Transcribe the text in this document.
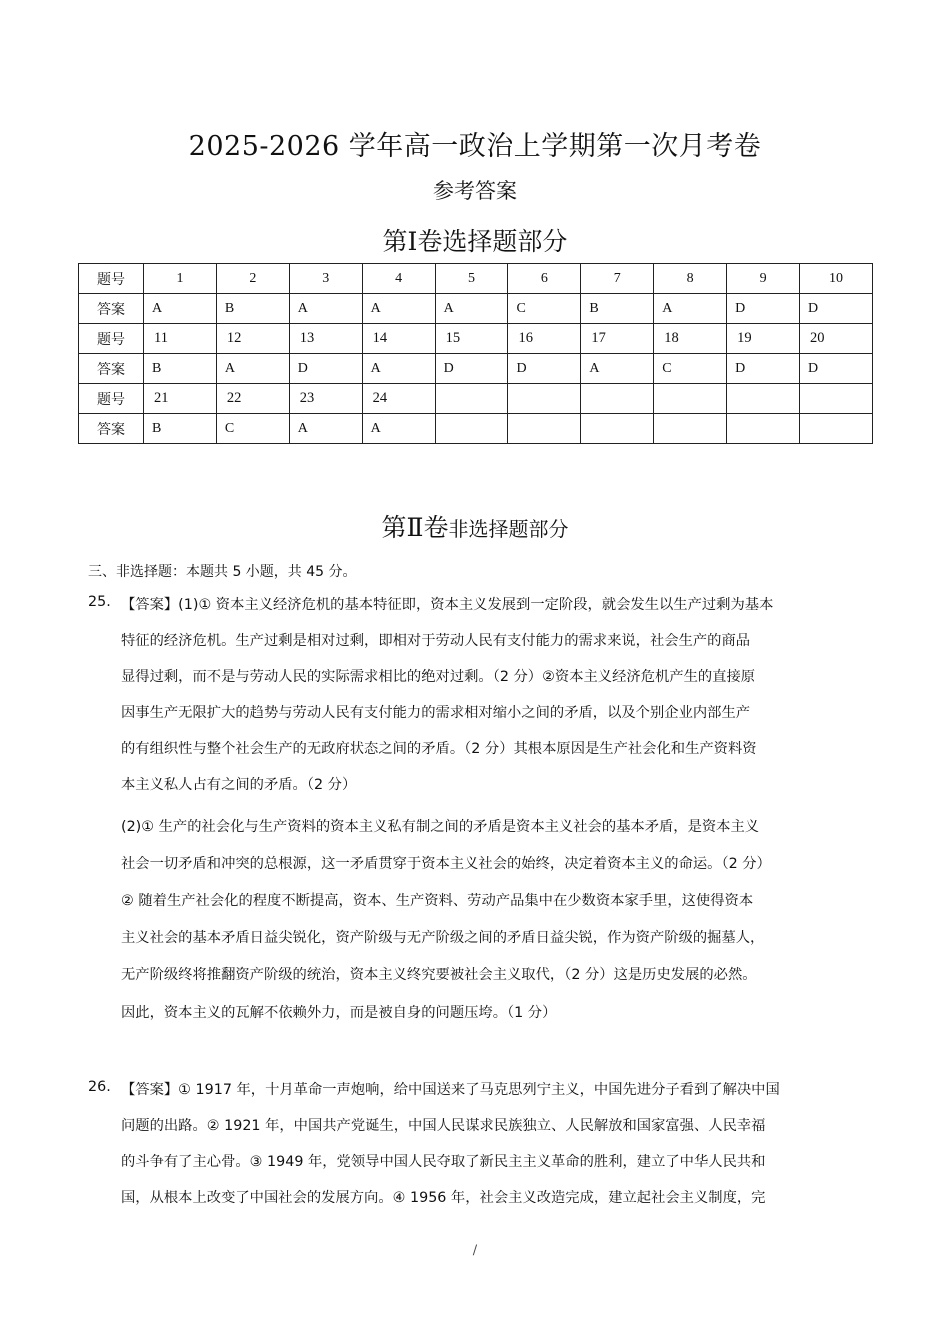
2025-2026 学年高一政治上学期第一次月考卷
参考答案
第Ⅰ卷选择题部分
题号	1	2	3	4	5	6	7	8	9	10
答案	A	B	A	A	A	C	B	A	D	D
题号	11	12	13	14	15	16	17	18	19	20
答案	B	A	D	A	D	D	A	C	D	D
题号	21	22	23	24						
答案	B	C	A	A						
第Ⅱ卷非选择题部分
三、非选择题：本题共 5 小题，共 45 分。
25. 【答案】(1)① 资本主义经济危机的基本特征即，资本主义发展到一定阶段，就会发生以生产过剩为基本
特征的经济危机。生产过剩是相对过剩，即相对于劳动人民有支付能力的需求来说，社会生产的商品
显得过剩，而不是与劳动人民的实际需求相比的绝对过剩。（2 分）②资本主义经济危机产生的直接原
因事生产无限扩大的趋势与劳动人民有支付能力的需求相对缩小之间的矛盾，以及个别企业内部生产
的有组织性与整个社会生产的无政府状态之间的矛盾。（2 分）其根本原因是生产社会化和生产资料资
本主义私人占有之间的矛盾。（2 分）
(2)① 生产的社会化与生产资料的资本主义私有制之间的矛盾是资本主义社会的基本矛盾，是资本主义
社会一切矛盾和冲突的总根源，这一矛盾贯穿于资本主义社会的始终，决定着资本主义的命运。（2 分）
② 随着生产社会化的程度不断提高，资本、生产资料、劳动产品集中在少数资本家手里，这使得资本
主义社会的基本矛盾日益尖锐化，资产阶级与无产阶级之间的矛盾日益尖锐，作为资产阶级的掘墓人，
无产阶级终将推翻资产阶级的统治，资本主义终究要被社会主义取代，（2 分）这是历史发展的必然。
因此，资本主义的瓦解不依赖外力，而是被自身的问题压垮。（1 分）
26. 【答案】① 1917 年，十月革命一声炮响，给中国送来了马克思列宁主义，中国先进分子看到了解决中国
问题的出路。② 1921 年，中国共产党诞生，中国人民谋求民族独立、人民解放和国家富强、人民幸福
的斗争有了主心骨。③ 1949 年，党领导中国人民夺取了新民主主义革命的胜利，建立了中华人民共和
国，从根本上改变了中国社会的发展方向。④ 1956 年，社会主义改造完成，建立起社会主义制度，完
/
